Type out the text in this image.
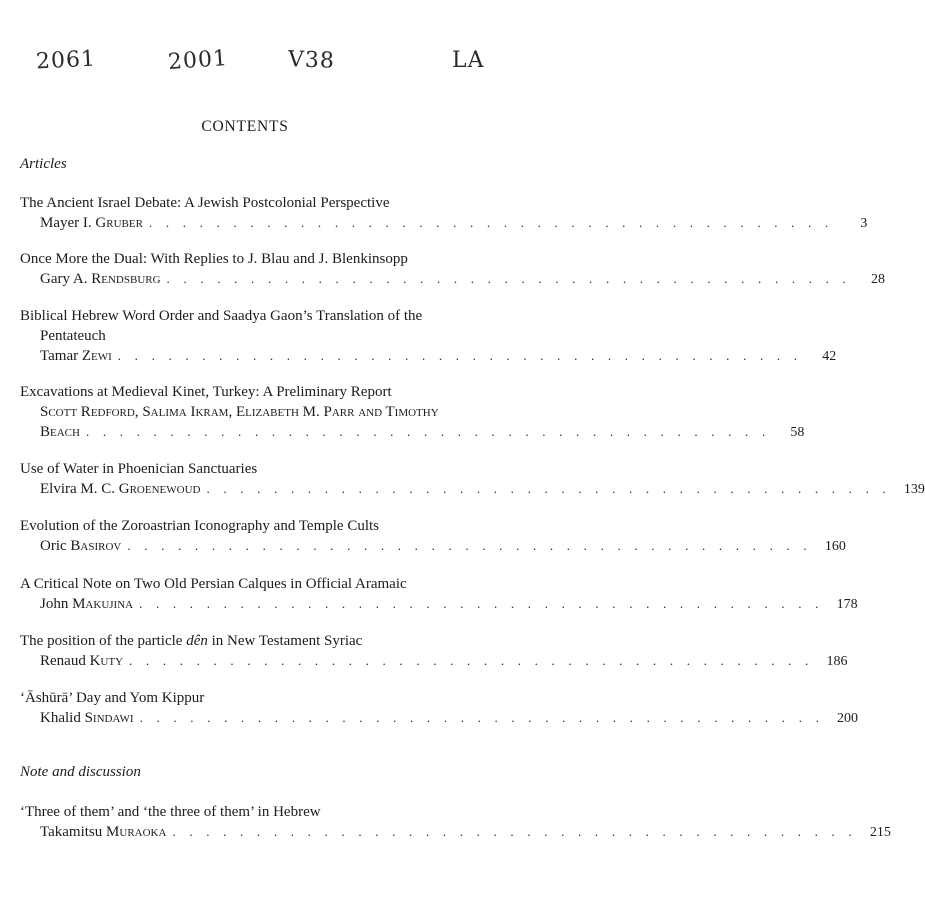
2061	2001	V38	LA
CONTENTS
Articles
The Ancient Israel Debate: A Jewish Postcolonial Perspective
Mayer I. Gruber . . . . . . . . . . . . . . . . . . . . . . . . . . . . . . . . . . . . . . . . .	3
Once More the Dual: With Replies to J. Blau and J. Blenkinsopp
Gary A. Rendsburg . . . . . . . . . . . . . . . . . . . . . . . . . . . . . . . . . . . . . . . . .	28
Biblical Hebrew Word Order and Saadya Gaon’s Translation of the
Pentateuch
Tamar Zewi . . . . . . . . . . . . . . . . . . . . . . . . . . . . . . . . . . . . . . . . .	42
Excavations at Medieval Kinet, Turkey: A Preliminary Report
Scott Redford, Salima Ikram, Elizabeth M. Parr and Timothy
Beach . . . . . . . . . . . . . . . . . . . . . . . . . . . . . . . . . . . . . . . . .	58
Use of Water in Phoenician Sanctuaries
Elvira M. C. Groenewoud . . . . . . . . . . . . . . . . . . . . . . . . . . . . . . . . . . . . . . . . . 139
Evolution of the Zoroastrian Iconography and Temple Cults
Oric Basirov . . . . . . . . . . . . . . . . . . . . . . . . . . . . . . . . . . . . . . . . . 160
A Critical Note on Two Old Persian Calques in Official Aramaic
John Makujina . . . . . . . . . . . . . . . . . . . . . . . . . . . . . . . . . . . . . . . . . 178
The position of the particle dên in New Testament Syriac
Renaud Kuty . . . . . . . . . . . . . . . . . . . . . . . . . . . . . . . . . . . . . . . . . 186
‘Āshūrā’ Day and Yom Kippur
Khalid Sindawi . . . . . . . . . . . . . . . . . . . . . . . . . . . . . . . . . . . . . . . . . 200
Note and discussion
‘Three of them’ and ‘the three of them’ in Hebrew
Takamitsu Muraoka . . . . . . . . . . . . . . . . . . . . . . . . . . . . . . . . . . . . . . . . . 215
